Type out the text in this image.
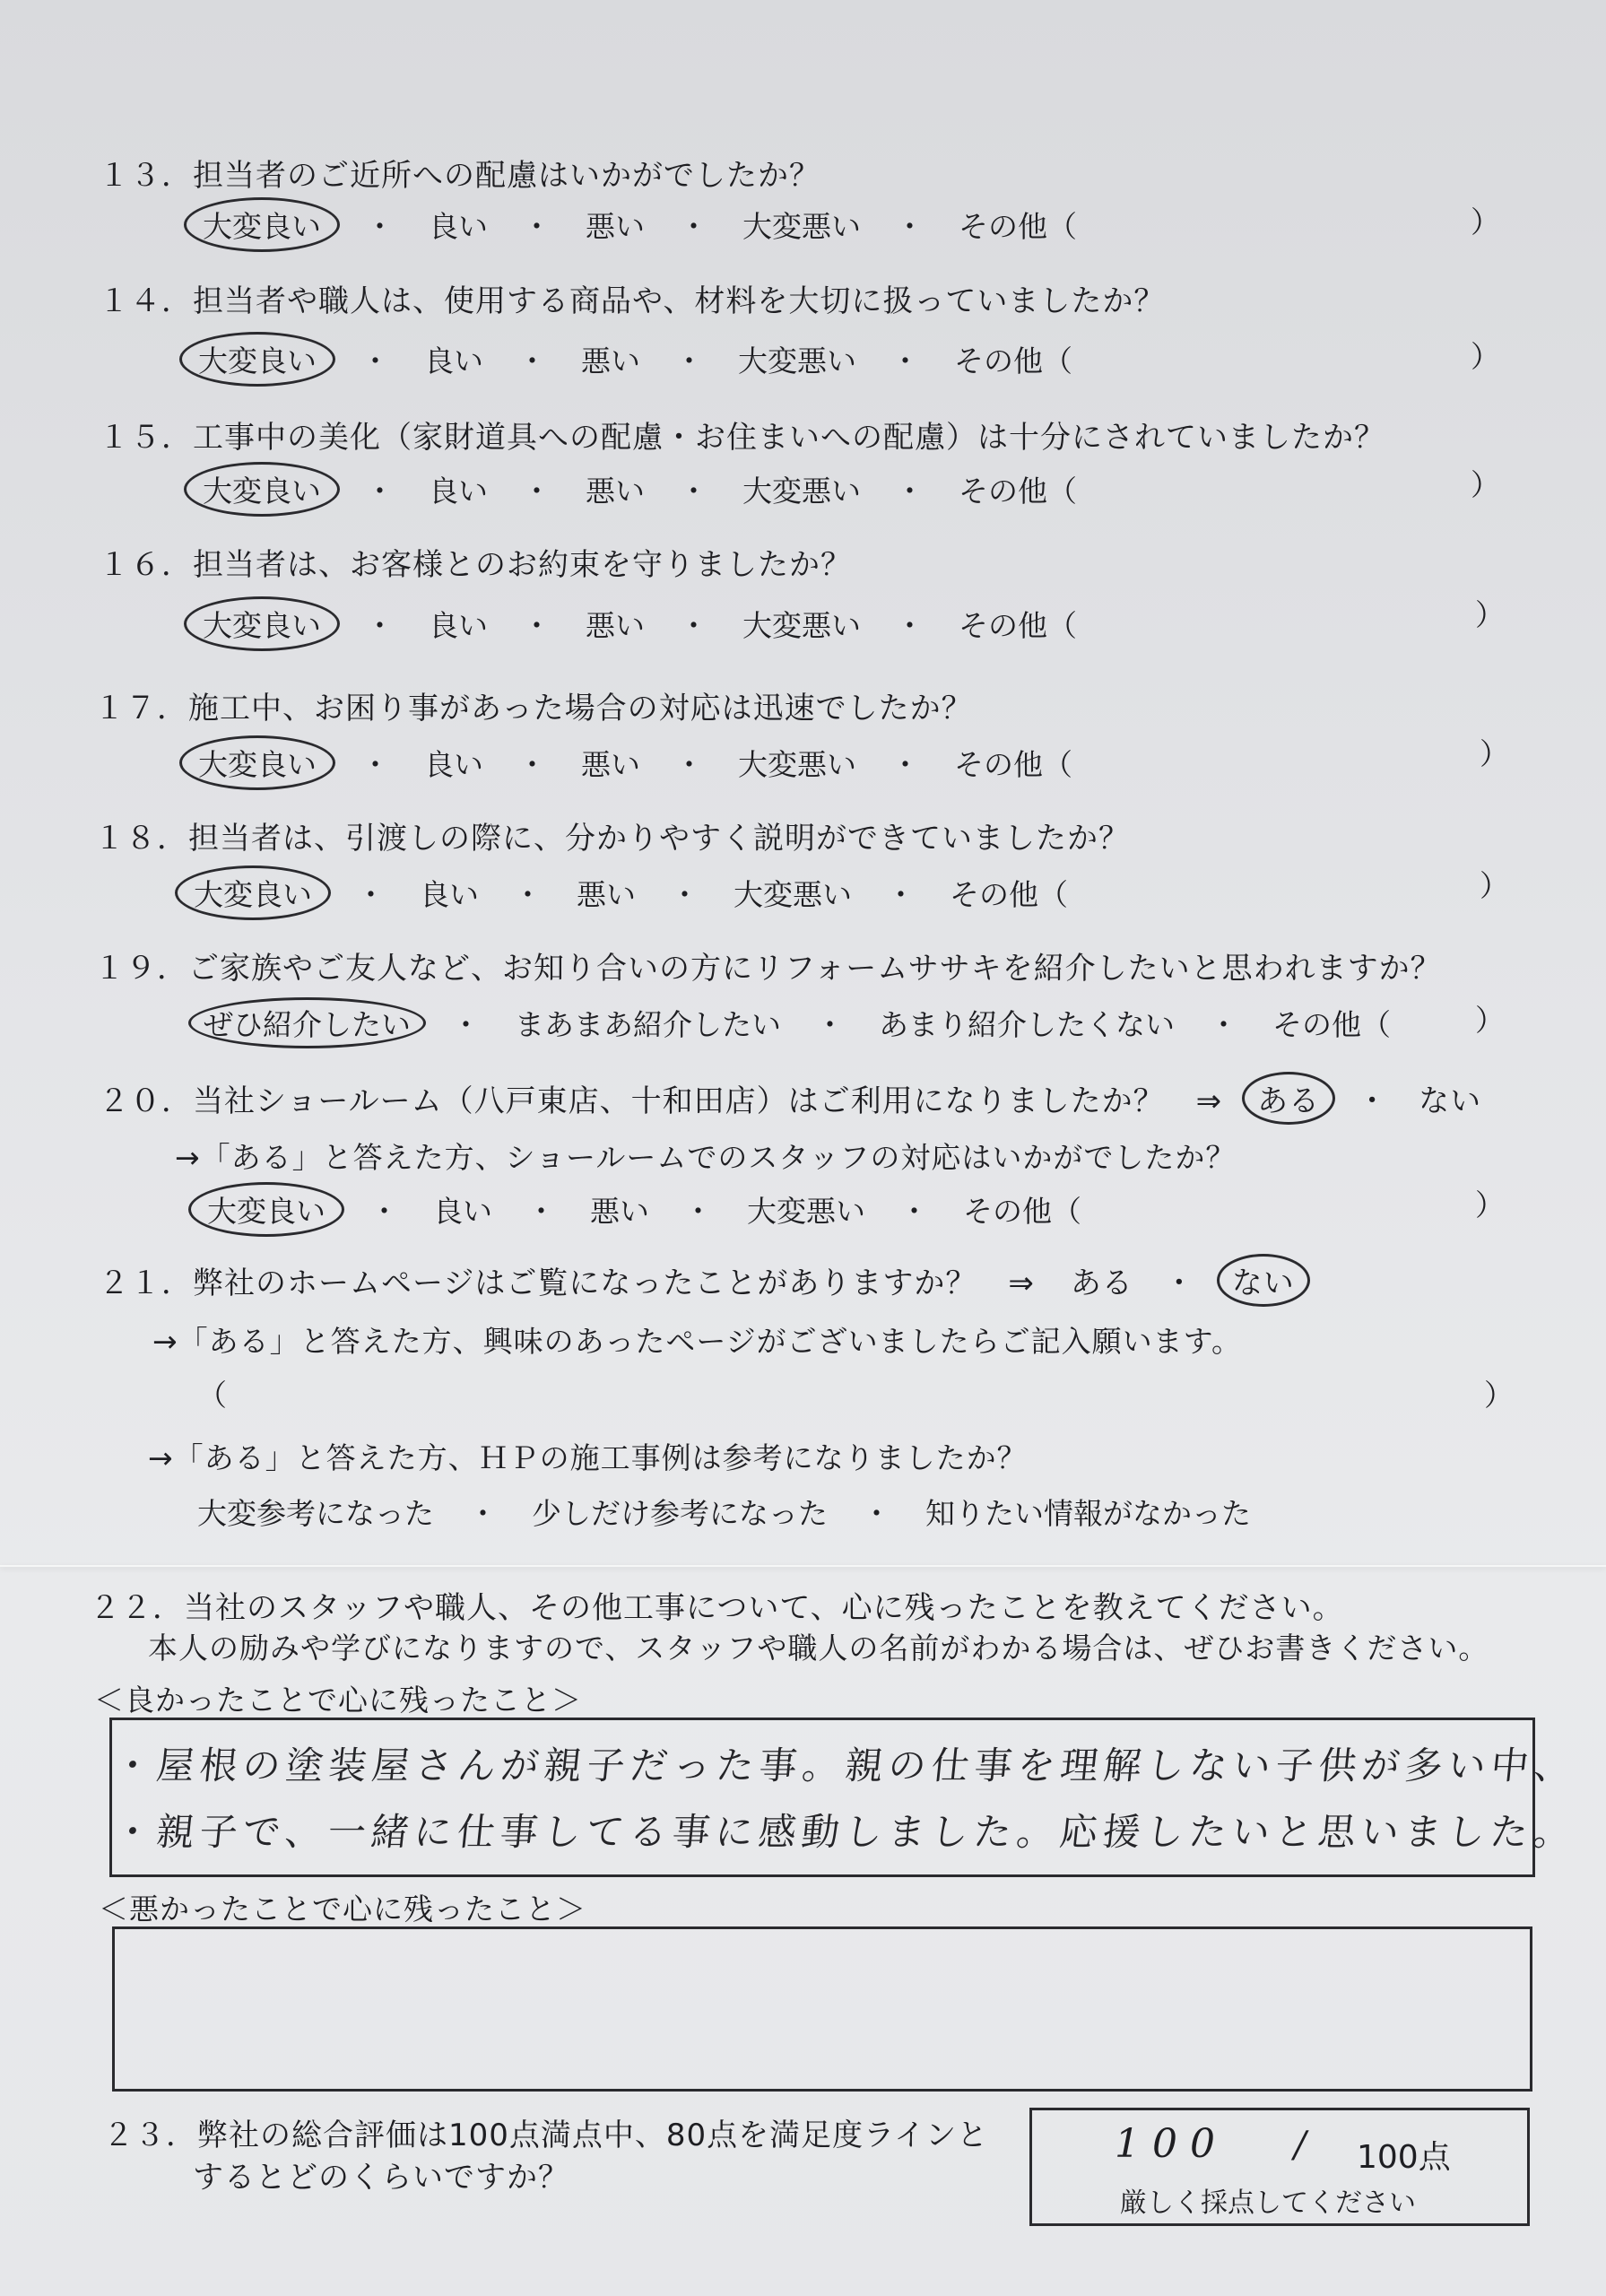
１３．担当者のご近所への配慮はいかがでしたか？
大変良い	・	良い	・	悪い	・	大変悪い	・	その他（	）
１４．担当者や職人は、使用する商品や、材料を大切に扱っていましたか？
大変良い	・	良い	・	悪い	・	大変悪い	・	その他（	）
１５．工事中の美化（家財道具への配慮・お住まいへの配慮）は十分にされていましたか？
大変良い	・	良い	・	悪い	・	大変悪い	・	その他（	）
１６．担当者は、お客様とのお約束を守りましたか？
大変良い	・	良い	・	悪い	・	大変悪い	・	その他（	）
１７．施工中、お困り事があった場合の対応は迅速でしたか？
大変良い	・	良い	・	悪い	・	大変悪い	・	その他（	）
１８．担当者は、引渡しの際に、分かりやすく説明ができていましたか？
大変良い	・	良い	・	悪い	・	大変悪い	・	その他（	）
１９．ご家族やご友人など、お知り合いの方にリフォームササキを紹介したいと思われますか？
ぜひ紹介したい	・	まあまあ紹介したい	・	あまり紹介したくない	・	その他（	）
２０．当社ショールーム（八戸東店、十和田店）はご利用になりましたか？　⇒	ある	・ ない
→「ある」と答えた方、ショールームでのスタッフの対応はいかがでしたか？
大変良い	・	良い	・	悪い	・	大変悪い	・	その他（	）
２１．弊社のホームページはご覧になったことがありますか？　⇒ ある ・	ない
→「ある」と答えた方、興味のあったページがございましたらご記入願います。
（	）
→「ある」と答えた方、ＨＰの施工事例は参考になりましたか？
大変参考になった	・	少しだけ参考になった	・	知りたい情報がなかった
２２．当社のスタッフや職人、その他工事について、心に残ったことを教えてください。
本人の励みや学びになりますので、スタッフや職人の名前がわかる場合は、ぜひお書きください。
＜良かったことで心に残ったこと＞
・屋根の塗装屋さんが親子だった事。親の仕事を理解しない子供が多い中、
・親子で、一緒に仕事してる事に感動しました。応援したいと思いました。
＜悪かったことで心に残ったこと＞
２３．弊社の総合評価は100点満点中、80点を満足度ラインと
するとどのくらいですか？
100 / 100点
厳しく採点してください
